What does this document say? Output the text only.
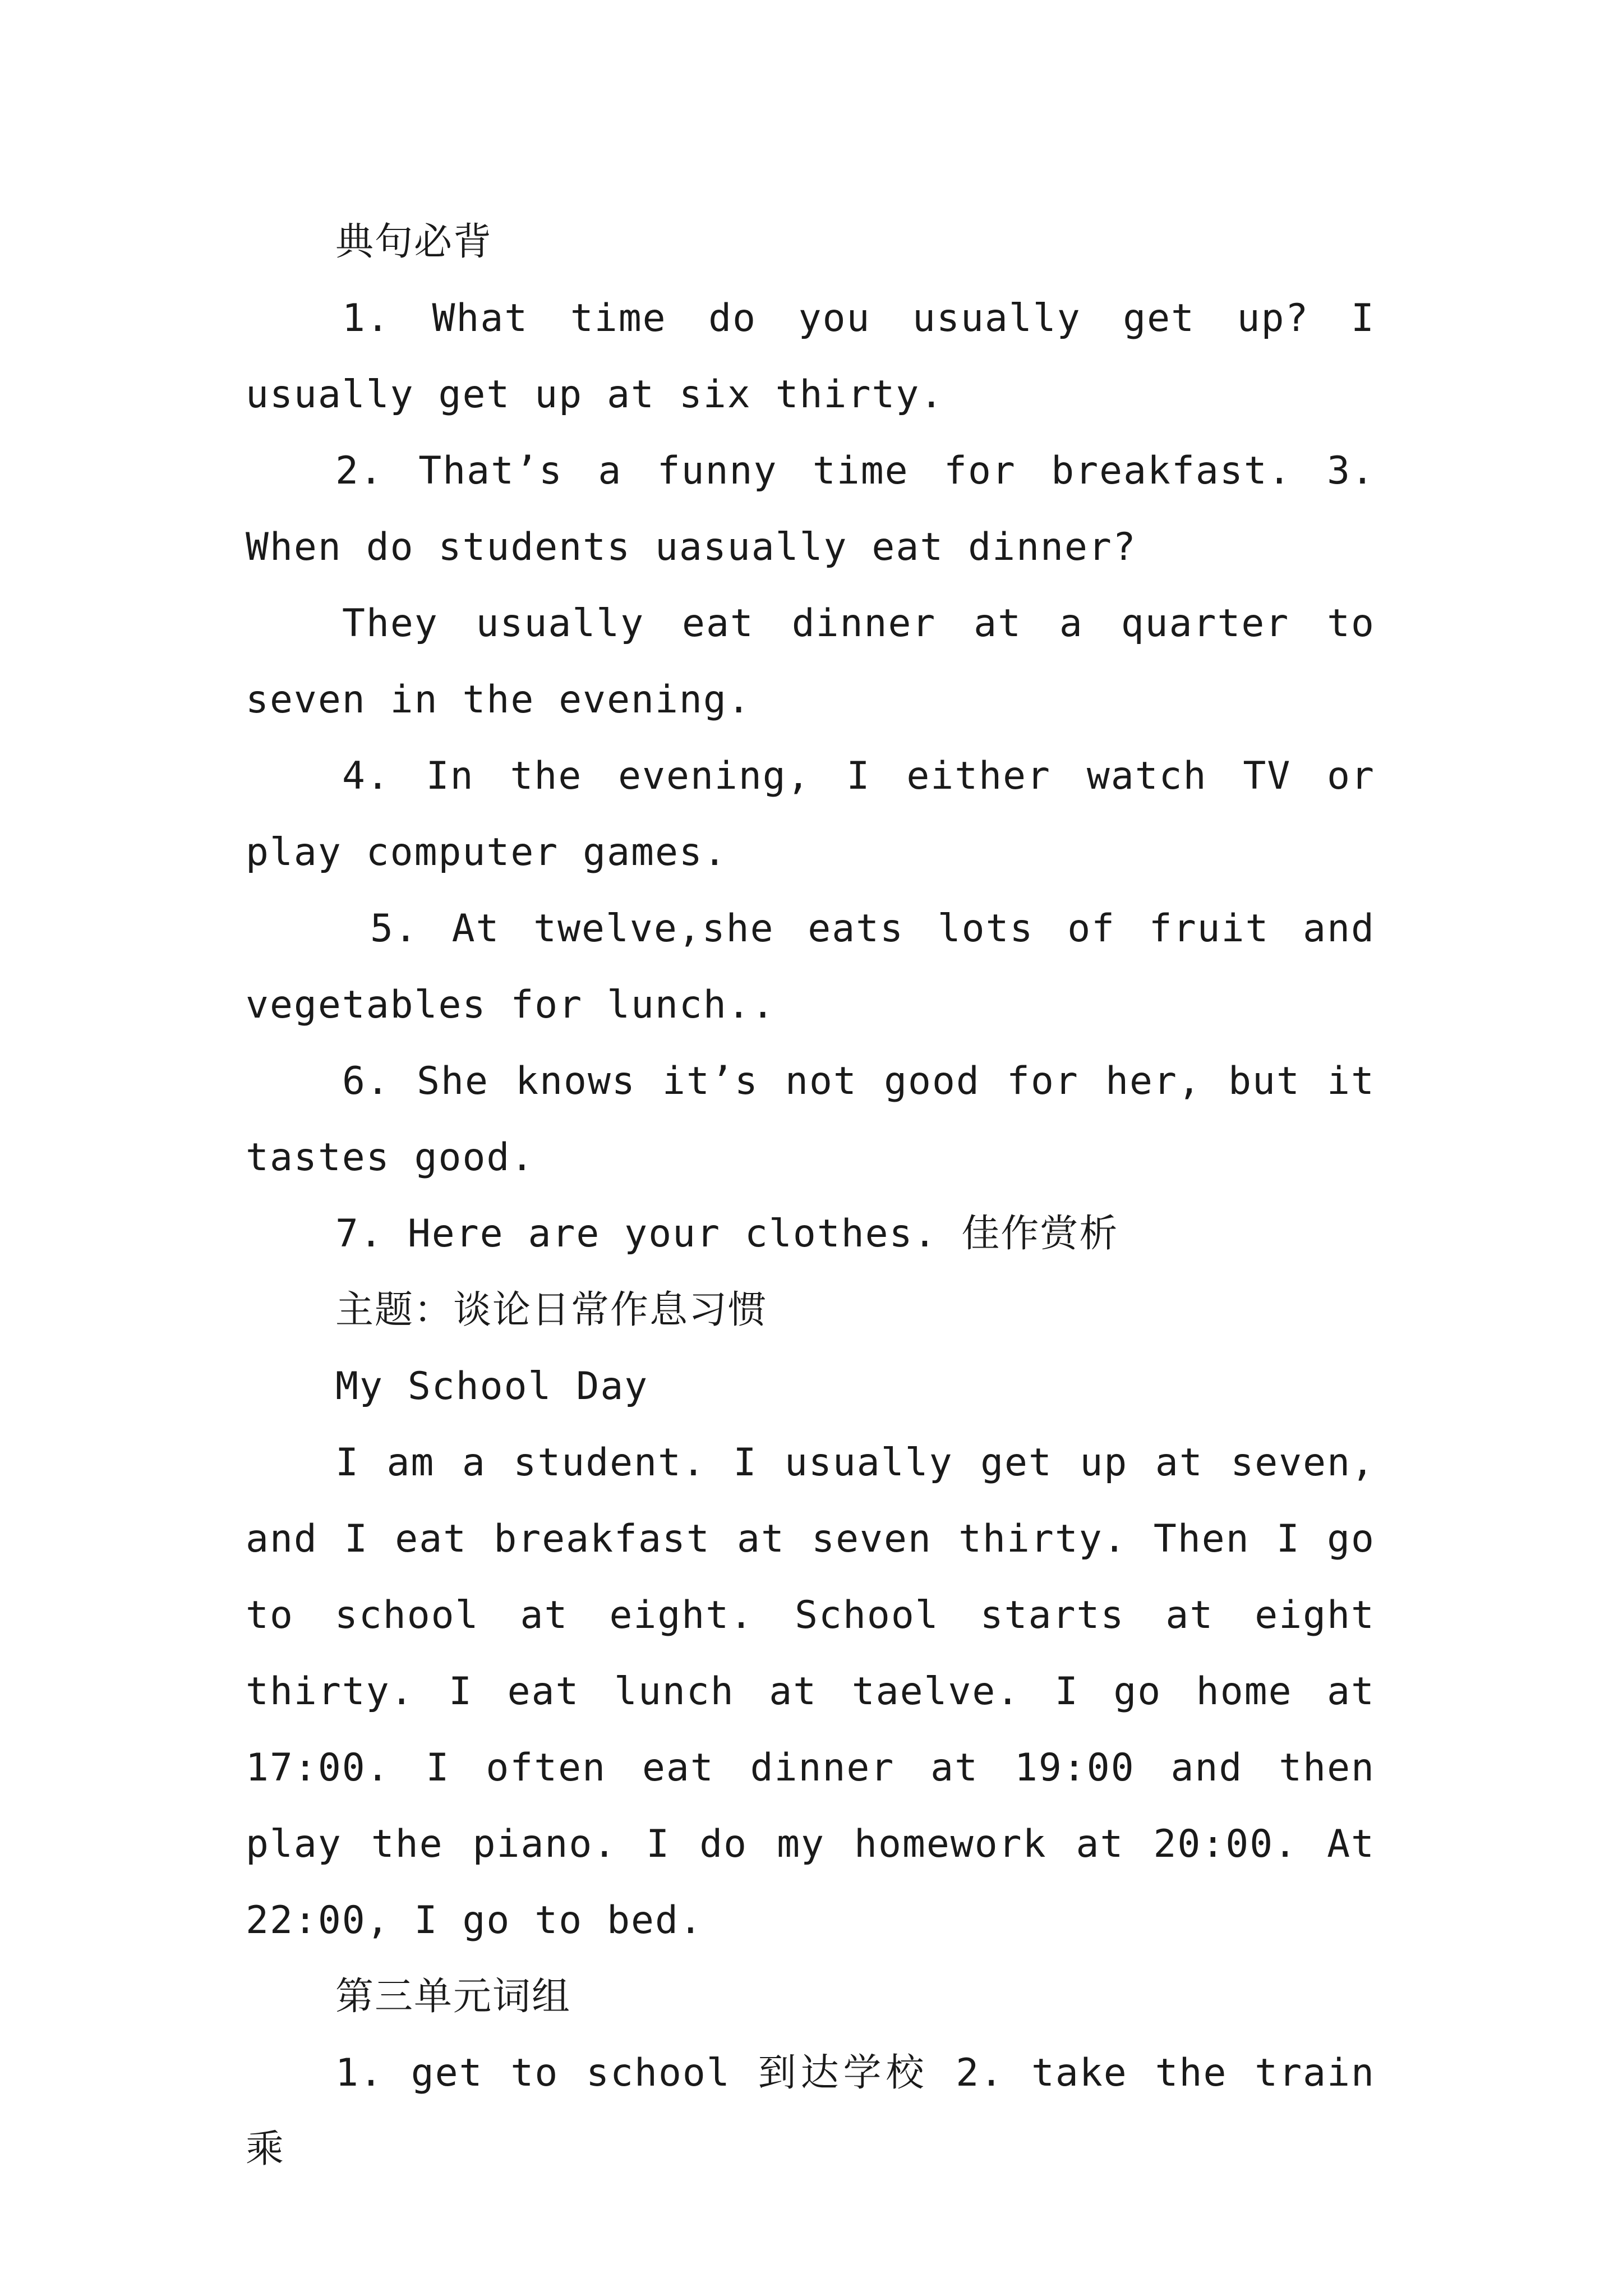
典句必背

1. What time do you usually get up? I usually get up at six thirty.

2. That’s a funny time for breakfast. 3. When do students uasually eat dinner?

They usually eat dinner at a quarter to seven in the evening.

4. In the evening, I either watch TV or play computer games.

5. At twelve,she eats lots of fruit and vegetables for lunch..

6. She knows it’s not good for her, but it tastes good.

7. Here are your clothes. 佳作赏析

主题：谈论日常作息习惯

My School Day

I am a student. I usually get up at seven, and I eat breakfast at seven thirty. Then I go to school at eight. School starts at eight thirty. I eat lunch at taelve. I go home at 17:00. I often eat dinner at 19:00 and then play the piano. I do my homework at 20:00. At 22:00, I go to bed.

第三单元词组

1. get to school 到达学校 2. take the train 乘
